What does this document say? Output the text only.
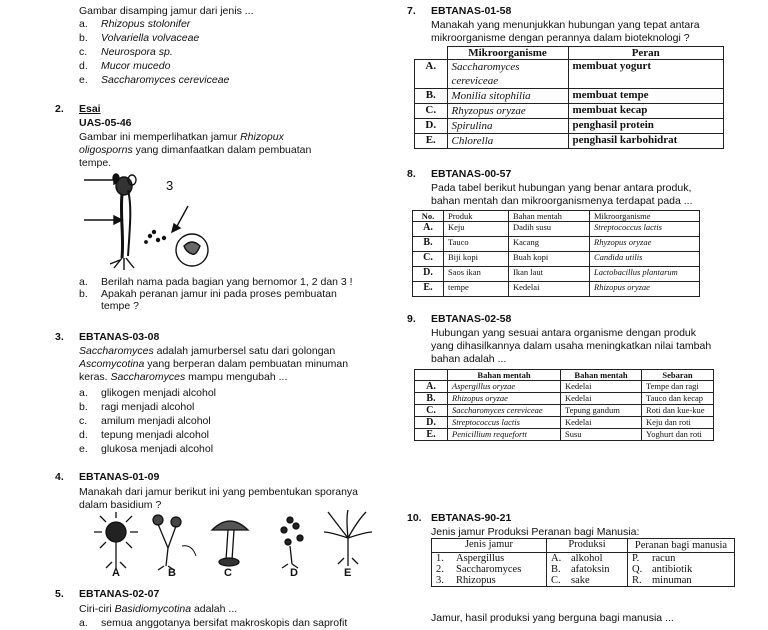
Gambar disamping jamur dari jenis ...
a. Rhizopus stolonifer
b. Volvariella volvaceae
c. Neurospora sp.
d. Mucor mucedo
e. Saccharomyces cereviceae
2. Esai
UAS-05-46
Gambar ini memperlihatkan jamur Rhizopux
oligosporns yang dimanfaatkan dalam pembuatan
tempe.
3
a. Berilah nama pada bagian yang bernomor 1, 2 dan 3 !
b. Apakah peranan jamur ini pada proses pembuatan
tempe ?
3. EBTANAS-03-08
Saccharomyces adalah jamurbersel satu dari golongan
Ascomycotina yang berperan dalam pembuatan minuman
keras. Saccharomyces mampu mengubah ...
a. glikogen menjadi alcohol
b. ragi menjadi alcohol
c. amilum menjadi alcohol
d. tepung menjadi alcohol
e. glukosa menjadi alcohol
4. EBTANAS-01-09
Manakah dari jamur berikut ini yang pembentukan sporanya
dalam basidium ?
A	B	C	D	E
5. EBTANAS-02-07
Ciri-ciri Basidiomycotina adalah ...
a. semua anggotanya bersifat makroskopis dan saprofit
7. EBTANAS-01-58
Manakah yang menunjukkan hubungan yang tepat antara
mikroorganisme dengan perannya dalam bioteknologi ?
	Mikroorganisme	Peran
A.	Saccharomyces cereviceae	membuat yogurt
B.	Monilia sitophilia	membuat tempe
C.	Rhyzopus oryzae	membuat kecap
D.	Spirulina	penghasil protein
E.	Chlorella	penghasil karbohidrat
8. EBTANAS-00-57
Pada tabel berikut hubungan yang benar antara produk,
bahan mentah dan mikroorganismenya terdapat pada ...
No.	Produk	Bahan mentah	Mikroorganisme
A.	Keju	Dadih susu	Streptococcus lactis
B.	Tauco	Kacang	Rhyzopus oryzae
C.	Biji kopi	Buah kopi	Candida utilis
D.	Saos ikan	Ikan laut	Lactobacillus plantarum
E.	tempe	Kedelai	Rhizopus oryzae
9. EBTANAS-02-58
Hubungan yang sesuai antara organisme dengan produk
yang dihasilkannya dalam usaha meningkatkan nilai tambah
bahan adalah ...
	Bahan mentah	Bahan mentah	Sebaran
A.	Aspergillus oryzae	Kedelai	Tempe dan ragi
B.	Rhizopus oryzae	Kedelai	Tauco dan kecap
C.	Saccharomyces cereviceae	Tepung gandum	Roti dan kue-kue
D.	Streptococcus lactis	Kedelai	Keju dan roti
E.	Penicillium requefortt	Susu	Yoghurt dan roti
10. EBTANAS-90-21
Jenis jamur Produksi Peranan bagi Manusia:
Jenis jamur	Produksi	Peranan bagi manusia
1. Aspergillus	A. alkohol	P. racun
2. Saccharomyces	B. afatoksin	Q. antibiotik
3. Rhizopus	C. sake	R. minuman
Jamur, hasil produksi yang berguna bagi manusia ...
